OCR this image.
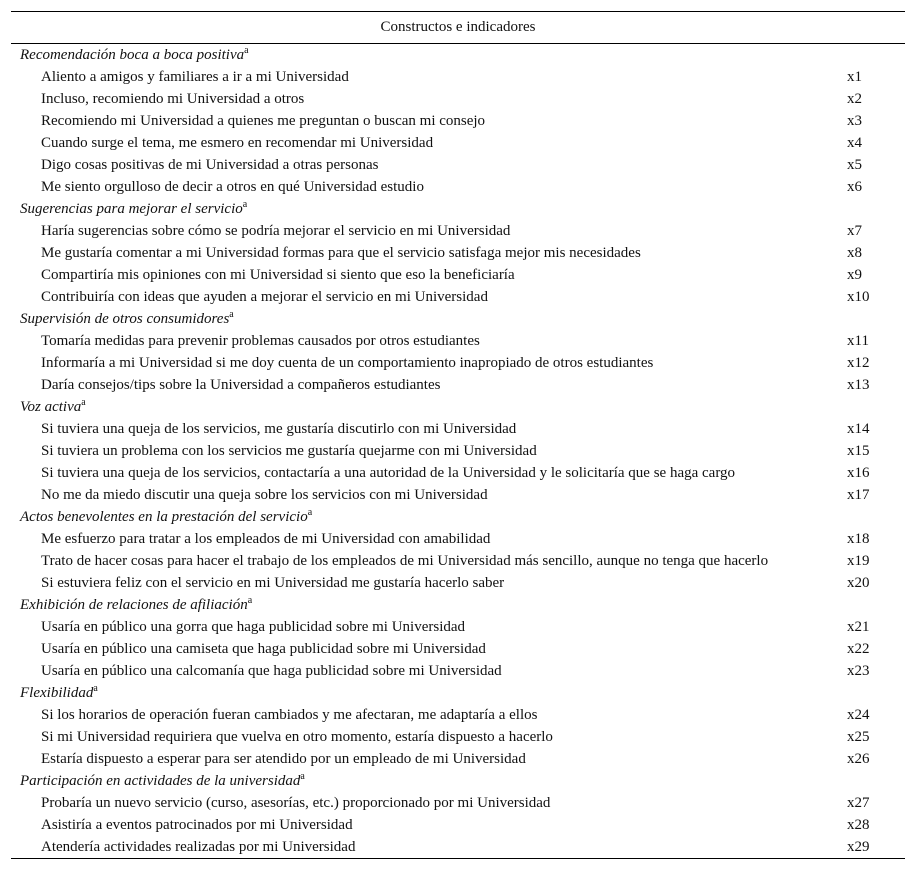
Constructos e indicadores
Recomendación boca a boca positiva$^a$
Aliento a amigos y familiares a ir a mi Universidad	x1
Incluso, recomiendo mi Universidad a otros	x2
Recomiendo mi Universidad a quienes me preguntan o buscan mi consejo	x3
Cuando surge el tema, me esmero en recomendar mi Universidad	x4
Digo cosas positivas de mi Universidad a otras personas	x5
Me siento orgulloso de decir a otros en qué Universidad estudio	x6
Sugerencias para mejorar el servicio$^a$
Haría sugerencias sobre cómo se podría mejorar el servicio en mi Universidad	x7
Me gustaría comentar a mi Universidad formas para que el servicio satisfaga mejor mis necesidades	x8
Compartiría mis opiniones con mi Universidad si siento que eso la beneficiaría	x9
Contribuiría con ideas que ayuden a mejorar el servicio en mi Universidad	x10
Supervisión de otros consumidores$^a$
Tomaría medidas para prevenir problemas causados por otros estudiantes	x11
Informaría a mi Universidad si me doy cuenta de un comportamiento inapropiado de otros estudiantes	x12
Daría consejos/tips sobre la Universidad a compañeros estudiantes	x13
Voz activa$^a$
Si tuviera una queja de los servicios, me gustaría discutirlo con mi Universidad	x14
Si tuviera un problema con los servicios me gustaría quejarme con mi Universidad	x15
Si tuviera una queja de los servicios, contactaría a una autoridad de la Universidad y le solicitaría que se haga cargo	x16
No me da miedo discutir una queja sobre los servicios con mi Universidad	x17
Actos benevolentes en la prestación del servicio$^a$
Me esfuerzo para tratar a los empleados de mi Universidad con amabilidad	x18
Trato de hacer cosas para hacer el trabajo de los empleados de mi Universidad más sencillo, aunque no tenga que hacerlo	x19
Si estuviera feliz con el servicio en mi Universidad me gustaría hacerlo saber	x20
Exhibición de relaciones de afiliación$^a$
Usaría en público una gorra que haga publicidad sobre mi Universidad	x21
Usaría en público una camiseta que haga publicidad sobre mi Universidad	x22
Usaría en público una calcomanía que haga publicidad sobre mi Universidad	x23
Flexibilidad$^a$
Si los horarios de operación fueran cambiados y me afectaran, me adaptaría a ellos	x24
Si mi Universidad requiriera que vuelva en otro momento, estaría dispuesto a hacerlo	x25
Estaría dispuesto a esperar para ser atendido por un empleado de mi Universidad	x26
Participación en actividades de la universidad$^a$
Probaría un nuevo servicio (curso, asesorías, etc.) proporcionado por mi Universidad	x27
Asistiría a eventos patrocinados por mi Universidad	x28
Atendería actividades realizadas por mi Universidad	x29
